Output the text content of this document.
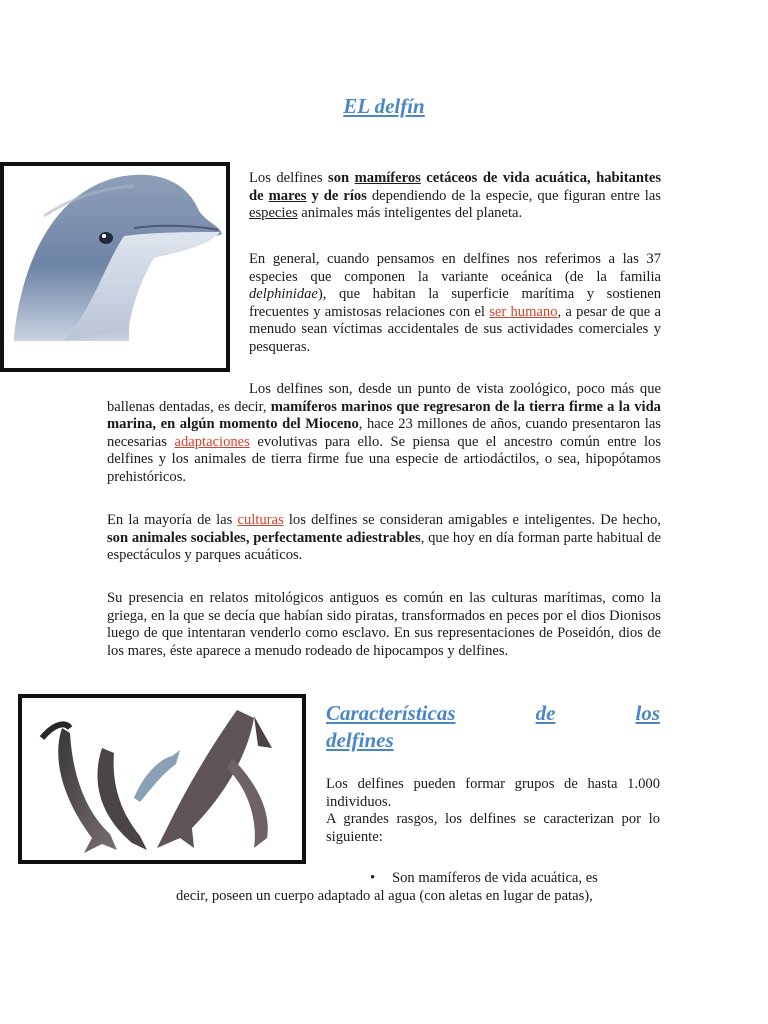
EL delfín

Los delfines son mamíferos cetáceos de vida acuática, habitantes de mares y de ríos dependiendo de la especie, que figuran entre las especies animales más inteligentes del planeta.

En general, cuando pensamos en delfines nos referimos a las 37 especies que componen la variante oceánica (de la familia delphinidae), que habitan la superficie marítima y sostienen frecuentes y amistosas relaciones con el ser humano, a pesar de que a menudo sean víctimas accidentales de sus actividades comerciales y pesqueras.

Los delfines son, desde un punto de vista zoológico, poco más que ballenas dentadas, es decir, mamíferos marinos que regresaron de la tierra firme a la vida marina, en algún momento del Mioceno, hace 23 millones de años, cuando presentaron las necesarias adaptaciones evolutivas para ello. Se piensa que el ancestro común entre los delfines y los animales de tierra firme fue una especie de artiodáctilos, o sea, hipopótamos prehistóricos.

En la mayoría de las culturas los delfines se consideran amigables e inteligentes. De hecho, son animales sociables, perfectamente adiestrables, que hoy en día forman parte habitual de espectáculos y parques acuáticos.

Su presencia en relatos mitológicos antiguos es común en las culturas marítimas, como la griega, en la que se decía que habían sido piratas, transformados en peces por el dios Dionisos luego de que intentaran venderlo como esclavo. En sus representaciones de Poseidón, dios de los mares, éste aparece a menudo rodeado de hipocampos y delfines.

Características	de	los
delfines

Los delfines pueden formar grupos de hasta 1.000 individuos.
A grandes rasgos, los delfines se caracterizan por lo siguiente:

• Son mamíferos de vida acuática, es

decir, poseen un cuerpo adaptado al agua (con aletas en lugar de patas),
